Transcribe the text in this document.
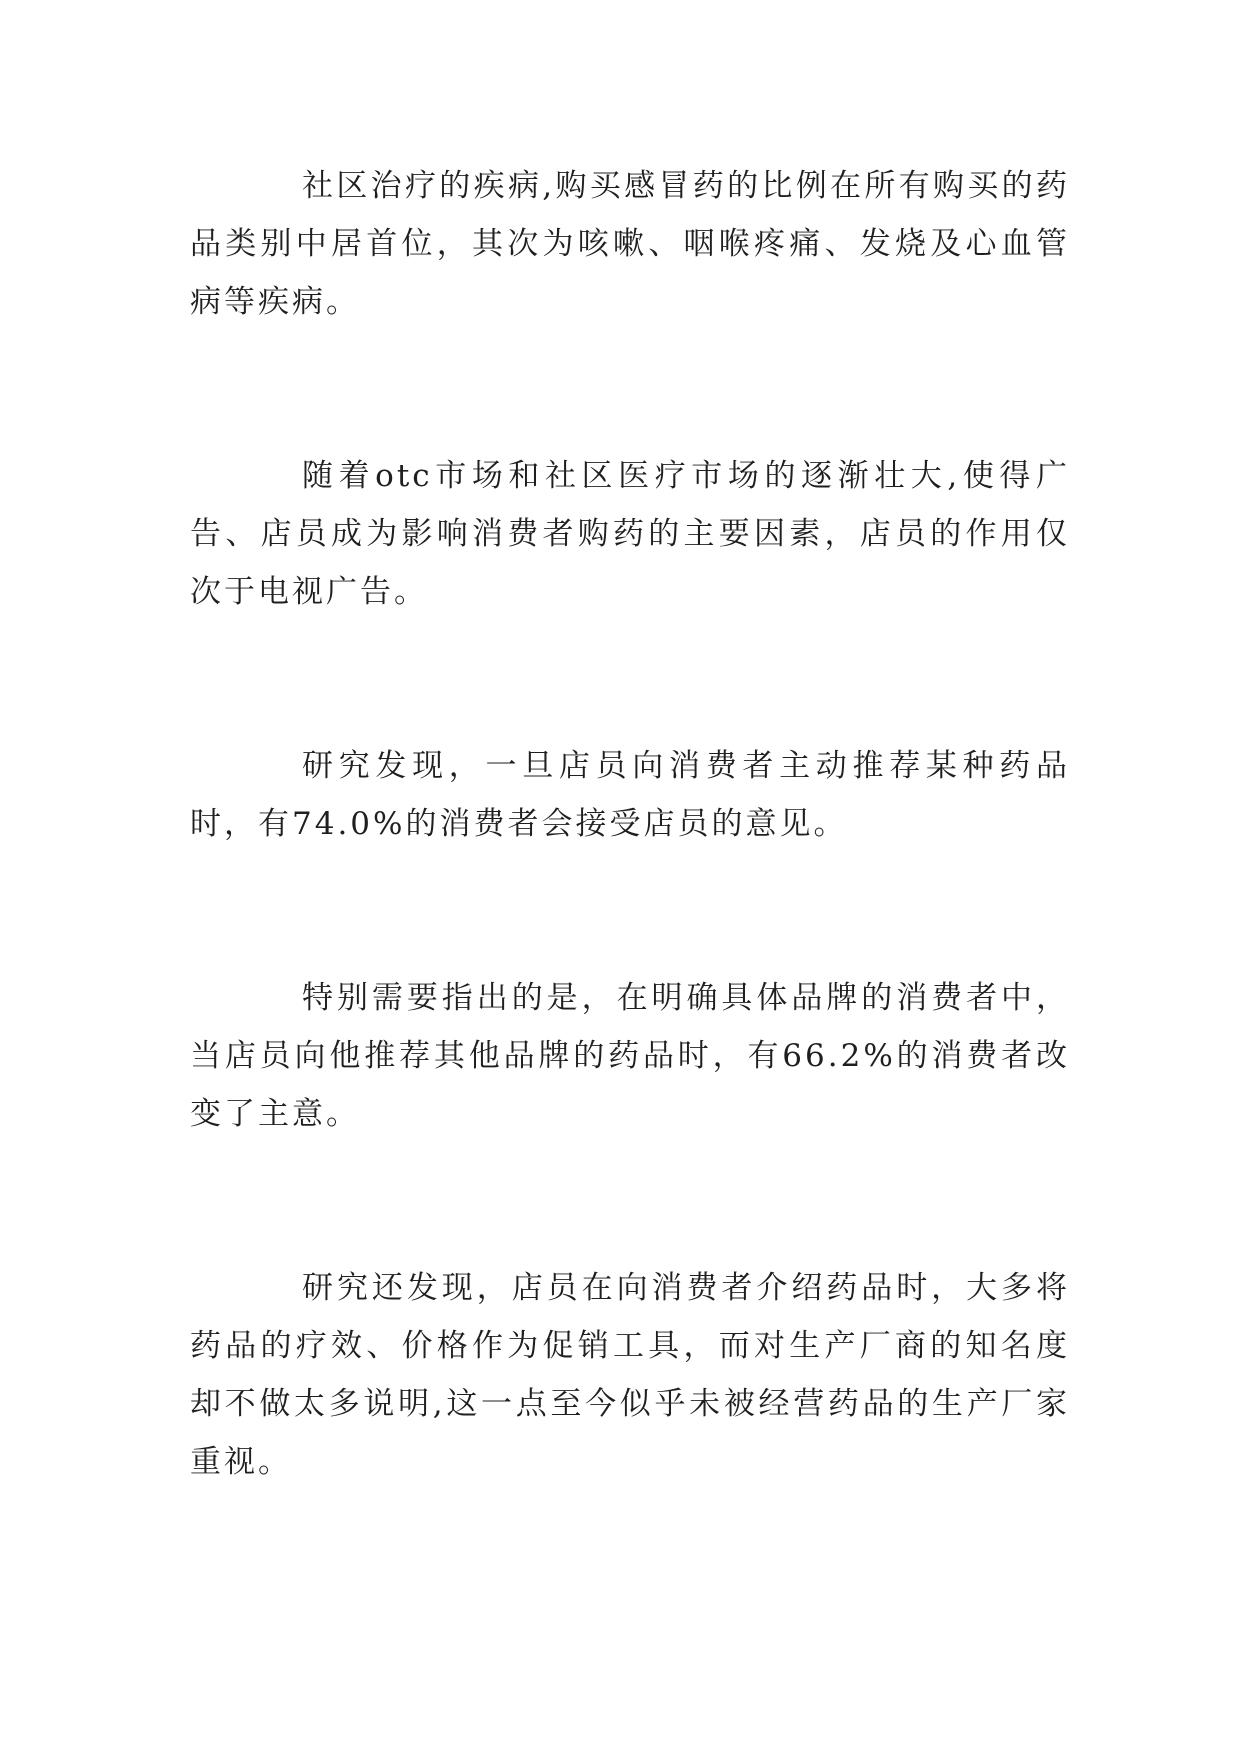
社区治疗的疾病,购买感冒药的比例在所有购买的药品类别中居首位，其次为咳嗽、咽喉疼痛、发烧及心血管病等疾病。

随着otc市场和社区医疗市场的逐渐壮大,使得广告、店员成为影响消费者购药的主要因素，店员的作用仅次于电视广告。

研究发现，一旦店员向消费者主动推荐某种药品时，有74.0%的消费者会接受店员的意见。

特别需要指出的是，在明确具体品牌的消费者中，当店员向他推荐其他品牌的药品时，有66.2%的消费者改变了主意。

研究还发现，店员在向消费者介绍药品时，大多将药品的疗效、价格作为促销工具，而对生产厂商的知名度却不做太多说明,这一点至今似乎未被经营药品的生产厂家重视。
